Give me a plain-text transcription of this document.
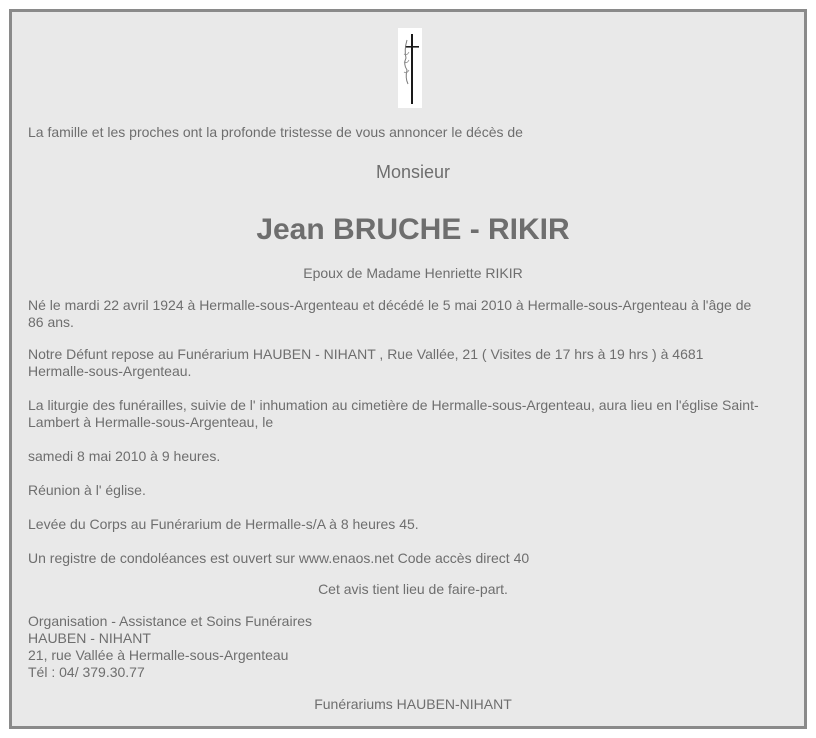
La famille et les proches ont la profonde tristesse de vous annoncer le décès de
Monsieur
Jean BRUCHE - RIKIR
Epoux de Madame Henriette RIKIR
Né le mardi 22 avril 1924 à Hermalle-sous-Argenteau et décédé le 5 mai 2010 à Hermalle-sous-Argenteau à l'âge de
86 ans.
Notre Défunt repose au Funérarium HAUBEN - NIHANT , Rue Vallée, 21 ( Visites de 17 hrs à 19 hrs ) à 4681
Hermalle-sous-Argenteau.
La liturgie des funérailles, suivie de l' inhumation au cimetière de Hermalle-sous-Argenteau, aura lieu en l'église Saint-
Lambert à Hermalle-sous-Argenteau, le
samedi 8 mai 2010 à 9 heures.
Réunion à l' église.
Levée du Corps au Funérarium de Hermalle-s/A à 8 heures 45.
Un registre de condoléances est ouvert sur www.enaos.net Code accès direct 40
Cet avis tient lieu de faire-part.
Organisation - Assistance et Soins Funéraires
HAUBEN - NIHANT
21, rue Vallée à Hermalle-sous-Argenteau
Tél : 04/ 379.30.77
Funérariums HAUBEN-NIHANT
